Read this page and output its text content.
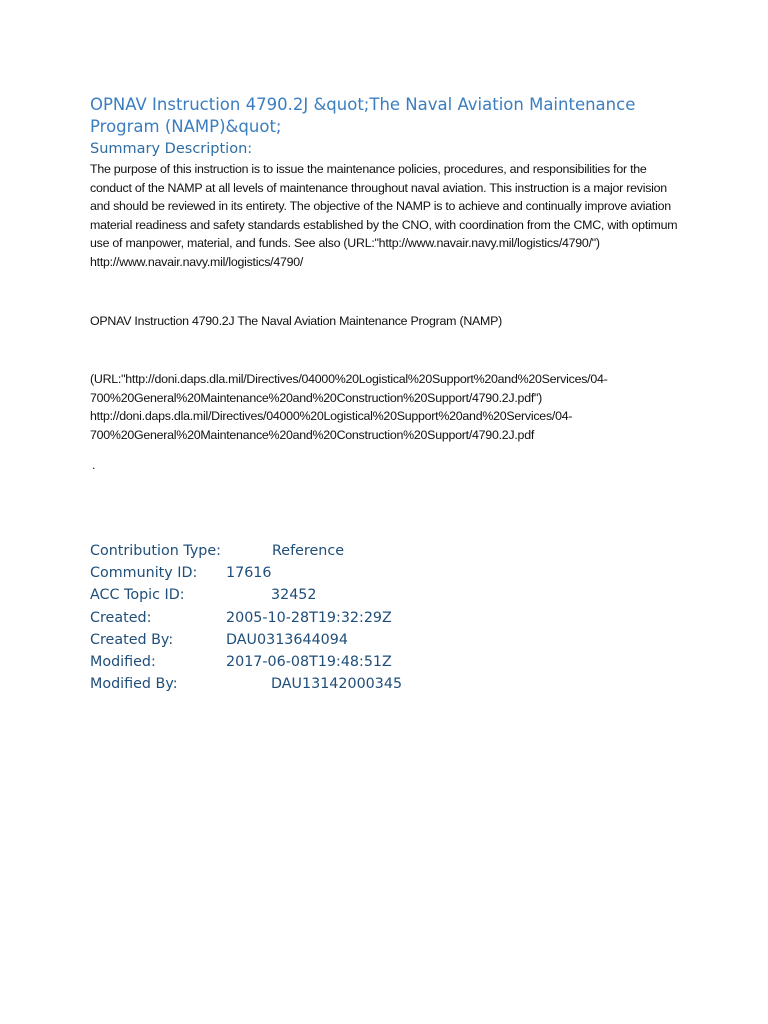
OPNAV Instruction 4790.2J &quot;The Naval Aviation Maintenance Program (NAMP)&quot;
Summary Description:

The purpose of this instruction is to issue the maintenance policies, procedures, and responsibilities for the conduct of the NAMP at all levels of maintenance throughout naval aviation. This instruction is a major revision and should be reviewed in its entirety. The objective of the NAMP is to achieve and continually improve aviation material readiness and safety standards established by the CNO, with coordination from the CMC, with optimum use of manpower, material, and funds. See also (URL:"http://www.navair.navy.mil/logistics/4790/") http://www.navair.navy.mil/logistics/4790/

OPNAV Instruction 4790.2J The Naval Aviation Maintenance Program (NAMP)

(URL:"http://doni.daps.dla.mil/Directives/04000%20Logistical%20Support%20and%20Services/04-
700%20General%20Maintenance%20and%20Construction%20Support/4790.2J.pdf")
http://doni.daps.dla.mil/Directives/04000%20Logistical%20Support%20and%20Services/04-
700%20General%20Maintenance%20and%20Construction%20Support/4790.2J.pdf

.

Contribution Type:	Reference
Community ID: 17616
ACC Topic ID:	32452
Created:	2005-10-28T19:32:29Z
Created By:	DAU0313644094
Modified:	2017-06-08T19:48:51Z
Modified By:	DAU13142000345
